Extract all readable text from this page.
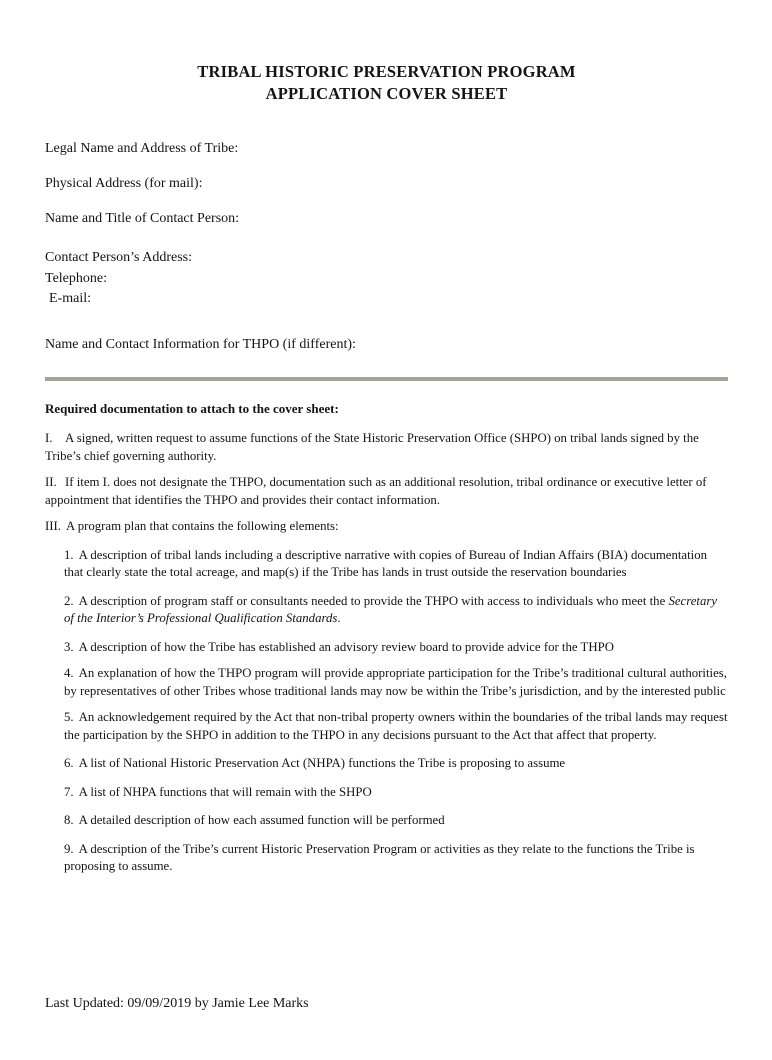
TRIBAL HISTORIC PRESERVATION PROGRAM
APPLICATION COVER SHEET
Legal Name and Address of Tribe:
Physical Address (for mail):
Name and Title of Contact Person:
Contact Person’s Address:
Telephone:
E-mail:
Name and Contact Information for THPO (if different):
Required documentation to attach to the cover sheet:

I. A signed, written request to assume functions of the State Historic Preservation Office (SHPO) on tribal lands signed by the Tribe’s chief governing authority.

II. If item I. does not designate the THPO, documentation such as an additional resolution, tribal ordinance or executive letter of appointment that identifies the THPO and provides their contact information.

III. A program plan that contains the following elements:

1. A description of tribal lands including a descriptive narrative with copies of Bureau of Indian Affairs (BIA) documentation that clearly state the total acreage, and map(s) if the Tribe has lands in trust outside the reservation boundaries

2. A description of program staff or consultants needed to provide the THPO with access to individuals who meet the Secretary of the Interior’s Professional Qualification Standards.

3. A description of how the Tribe has established an advisory review board to provide advice for the THPO

4. An explanation of how the THPO program will provide appropriate participation for the Tribe’s traditional cultural authorities, by representatives of other Tribes whose traditional lands may now be within the Tribe’s jurisdiction, and by the interested public

5. An acknowledgement required by the Act that non-tribal property owners within the boundaries of the tribal lands may request the participation by the SHPO in addition to the THPO in any decisions pursuant to the Act that affect that property.

6. A list of National Historic Preservation Act (NHPA) functions the Tribe is proposing to assume

7. A list of NHPA functions that will remain with the SHPO

8. A detailed description of how each assumed function will be performed

9. A description of the Tribe’s current Historic Preservation Program or activities as they relate to the functions the Tribe is proposing to assume.

Last Updated: 09/09/2019 by Jamie Lee Marks
